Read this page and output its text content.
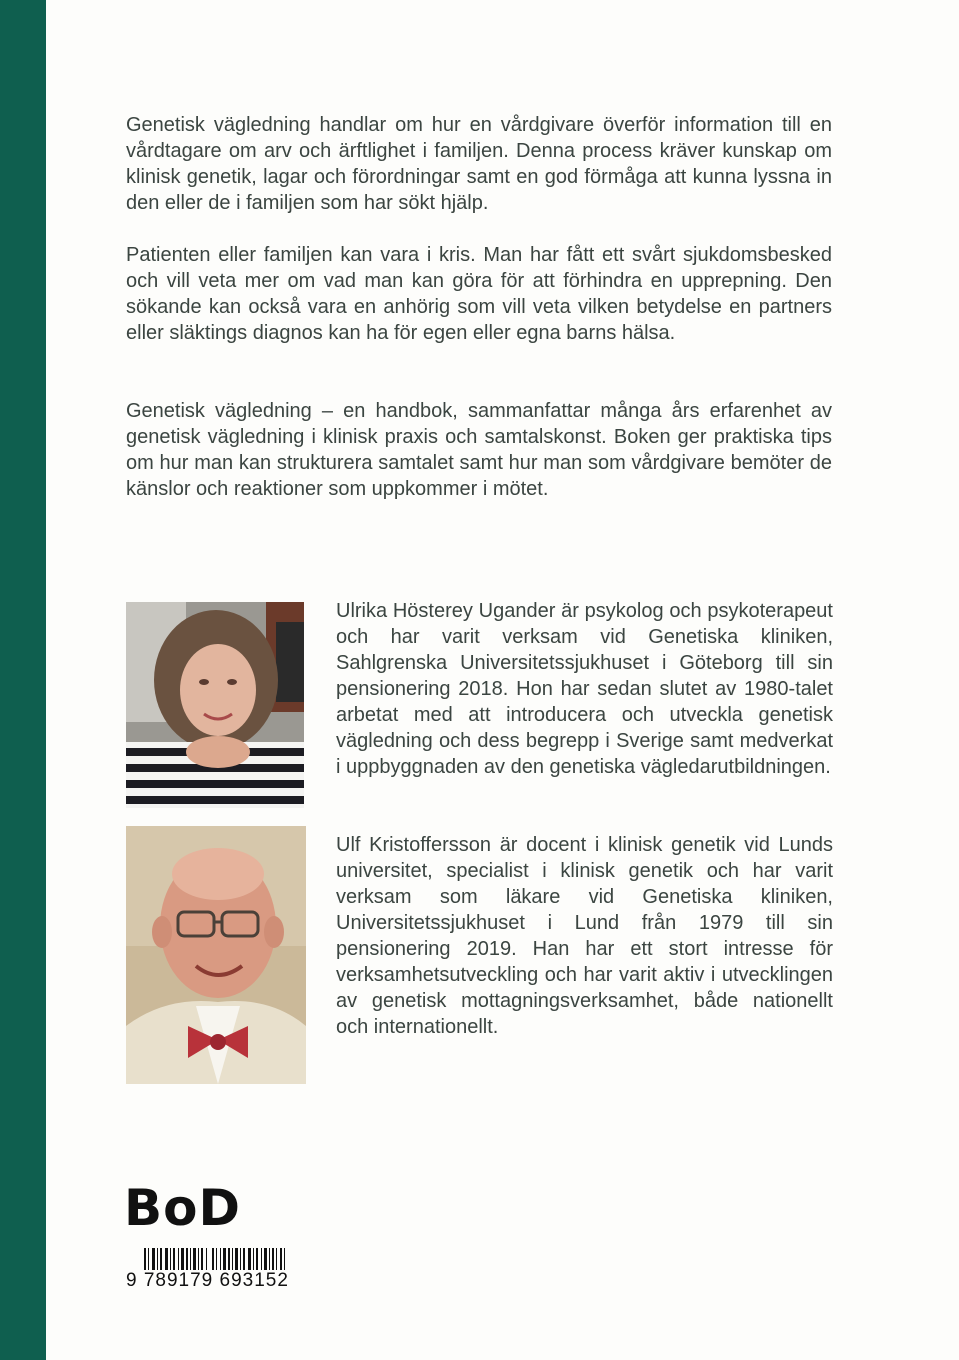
Genetisk vägledning handlar om hur en vårdgivare överför information till en vårdtagare om arv och ärftlighet i familjen. Denna process kräver kunskap om klinisk genetik, lagar och förordningar samt en god förmåga att kunna lyssna in den eller de i familjen som har sökt hjälp.

Patienten eller familjen kan vara i kris. Man har fått ett svårt sjukdomsbesked och vill veta mer om vad man kan göra för att förhindra en upprepning. Den sökande kan också vara en anhörig som vill veta vilken betydelse en partners eller släktings diagnos kan ha för egen eller egna barns hälsa.

Genetisk vägledning – en handbok, sammanfattar många års erfarenhet av genetisk vägledning i klinisk praxis och samtalskonst. Boken ger praktiska tips om hur man kan strukturera samtalet samt hur man som vårdgivare bemöter de känslor och reaktioner som uppkommer i mötet.

Ulrika Hösterey Ugander är psykolog och psykoterapeut och har varit verksam vid Genetiska kliniken, Sahlgrenska Universitetssjukhuset i Göteborg till sin pensionering 2018. Hon har sedan slutet av 1980-talet arbetat med att introducera och utveckla genetisk vägledning och dess begrepp i Sverige samt medverkat i uppbyggnaden av den genetiska vägledarutbildningen.

Ulf Kristoffersson är docent i klinisk genetik vid Lunds universitet, specialist i klinisk genetik och har varit verksam som läkare vid Genetiska kliniken, Universitetssjukhuset i Lund från 1979 till sin pensionering 2019. Han har ett stort intresse för verksamhetsutveckling och har varit aktiv i utvecklingen av genetisk mottagningsverksamhet, både nationellt och internationellt.

BoD
9 789179 693152
